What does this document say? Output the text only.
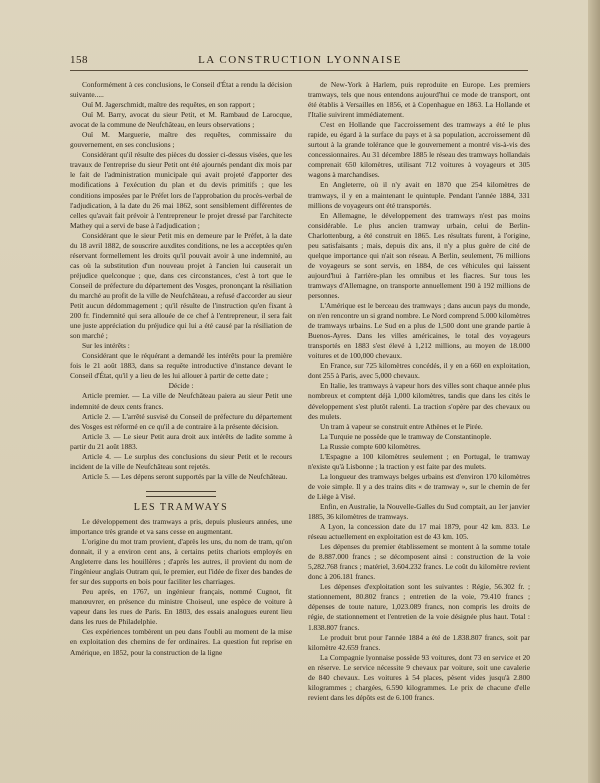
158	LA CONSTRUCTION LYONNAISE

Conformément à ces conclusions, le Conseil d'État a rendu la décision suivante.....

Ouï M. Jagerschmidt, maître des requêtes, en son rapport ;

Ouï M. Barry, avocat du sieur Petit, et M. Rambaud de Larocque, avocat de la commune de Neufchâteau, en leurs observations ;

Ouï M. Marguerie, maître des requêtes, commissaire du gouvernement, en ses conclusions ;

Considérant qu'il résulte des pièces du dossier ci-dessus visées, que les travaux de l'entreprise du sieur Petit ont été ajournés pendant dix mois par le fait de l'administration municipale qui avait projeté d'apporter des modifications à l'exécution du plan et du devis primitifs ; que les conditions imposées par le Préfet lors de l'approbation du procès-verbal de l'adjudication, à la date du 26 mai 1862, sont sensiblement différentes de celles qu'avait fait prévoir à l'entrepreneur le projet dressé par l'architecte Mathey qui a servi de base à l'adjudication ;

Considérant que le sieur Petit mis en demeure par le Préfet, à la date du 18 avril 1882, de souscrire auxdites conditions, ne les a acceptées qu'en réservant formellement les droits qu'il pouvait avoir à une indemnité, au cas où la substitution d'un nouveau projet à l'ancien lui causerait un préjudice quelconque ; que, dans ces circonstances, c'est à tort que le Conseil de préfecture du département des Vosges, prononçant la résiliation du marché au profit de la ville de Neufchâteau, a refusé d'accorder au sieur Petit aucun dédommagement ; qu'il résulte de l'instruction qu'en fixant à 200 fr. l'indemnité qui sera allouée de ce chef à l'entrepreneur, il sera fait une juste appréciation du préjudice qui lui a été causé par la résiliation de son marché ;

Sur les intérêts :

Considérant que le réquérant a demandé les intérêts pour la première fois le 21 août 1883, dans sa requête introductive d'instance devant le Conseil d'État, qu'il y a lieu de les lui allouer à partir de cette date ;

Décide :

Article premier. — La ville de Neufchâteau paiera au sieur Petit une indemnité de deux cents francs.

Article 2. — L'arrêté susvisé du Conseil de préfecture du département des Vosges est réformé en ce qu'il a de contraire à la présente décision.

Article 3. — Le sieur Petit aura droit aux intérêts de ladite somme à partir du 21 août 1883.

Article 4. — Le surplus des conclusions du sieur Petit et le recours incident de la ville de Neufchâteau sont rejetés.

Article 5. — Les dépens seront supportés par la ville de Neufchâteau.

LES TRAMWAYS

Le développement des tramways a pris, depuis plusieurs années, une importance très grande et va sans cesse en augmentant.

L'origine du mot tram provient, d'après les uns, du nom de tram, qu'on donnait, il y a environ cent ans, à certains petits chariots employés en Angleterre dans les houillères ; d'après les autres, il provient du nom de l'ingénieur anglais Outram qui, le premier, eut l'idée de fixer des bandes de fer sur des supports en bois pour faciliter les charriages.

Peu après, en 1767, un ingénieur français, nommé Cugnot, fit manœuvrer, en présence du ministre Choiseul, une espèce de voiture à vapeur dans les rues de Paris. En 1803, des essais analogues eurent lieu dans les rues de Philadelphie.

Ces expériences tombèrent un peu dans l'oubli au moment de la mise en exploitation des chemins de fer ordinaires. La question fut reprise en Amérique, en 1852, pour la construction de la ligne

de New-York à Harlem, puis reproduite en Europe. Les premiers tramways, tels que nous entendons aujourd'hui ce mode de transport, ont été établis à Versailles en 1856, et à Copenhague en 1863. La Hollande et l'Italie suivirent immédiatement.

C'est en Hollande que l'accroissement des tramways a été le plus rapide, eu égard à la surface du pays et à sa population, accroissement dû surtout à la grande tolérance que le gouvernement a montré vis-à-vis des concessionnaires. Au 31 décembre 1885 le réseau des tramways hollandais comprenait 650 kilomètres, utilisant 712 voitures à voyageurs et 305 wagons à marchandises.

En Angleterre, où il n'y avait en 1870 que 254 kilomètres de tramways, il y en a maintenant le quintuple. Pendant l'année 1884, 331 millions de voyageurs ont été transportés.

En Allemagne, le développement des tramways n'est pas moins considérable. Le plus ancien tramway urbain, celui de Berlin-Charlottenburg, a été construit en 1865. Les résultats furent, à l'origine, peu satisfaisants ; mais, depuis dix ans, il n'y a plus guère de cité de quelque importance qui n'ait son réseau. A Berlin, seulement, 76 millions de voyageurs se sont servis, en 1884, de ces véhicules qui laissent aujourd'hui à l'arrière-plan les omnibus et les fiacres. Sur tous les tramways d'Allemagne, on transporte annuellement 190 à 192 millions de personnes.

L'Amérique est le berceau des tramways ; dans aucun pays du monde, on n'en rencontre un si grand nombre. Le Nord comprend 5.000 kilomètres de tramways urbains. Le Sud en a plus de 1,500 dont une grande partie à Buenos-Ayres. Dans les villes américaines, le total des voyageurs transportés en 1883 s'est élevé à 1,212 millions, au moyen de 18.000 voitures et de 100,000 chevaux.

En France, sur 725 kilomètres concédés, il y en a 660 en exploitation, dont 255 à Paris, avec 5,000 chevaux.

En Italie, les tramways à vapeur hors des villes sont chaque année plus nombreux et comptent déjà 1,000 kilomètres, tandis que dans les cités le développement s'est plutôt ralenti. La traction s'opère par des chevaux ou des mulets.

Un tram à vapeur se construit entre Athènes et le Pirée.

La Turquie ne possède que le tramway de Constantinople.

La Russie compte 600 kilomètres.

L'Espagne a 100 kilomètres seulement ; en Portugal, le tramway n'existe qu'à Lisbonne ; la traction y est faite par des mulets.

La longueur des tramways belges urbains est d'environ 170 kilomètres de voie simple. Il y a des trains dits « de tramway », sur le chemin de fer de Liège à Visé.

Enfin, en Australie, la Nouvelle-Galles du Sud comptait, au 1er janvier 1885, 36 kilomètres de tramways.

A Lyon, la concession date du 17 mai 1879, pour 42 km. 833. Le réseau actuellement en exploitation est de 43 km. 105.

Les dépenses du premier établissement se montent à la somme totale de 8.887.000 francs ; se décomposent ainsi : construction de la voie 5,282.768 francs ; matériel, 3.604.232 francs. Le coût du kilomètre revient donc à 206.181 francs.

Les dépenses d'exploitation sont les suivantes : Régie, 56.302 fr. ; stationnement, 80.802 francs ; entretien de la voie, 79.410 francs ; dépenses de toute nature, 1,023.089 francs, non compris les droits de régie, de stationnement et l'entretien de la voie désignée plus haut. Total : 1.838.807 francs.

Le produit brut pour l'année 1884 a été de 1.838.807 francs, soit par kilomètre 42.659 francs.

La Compagnie lyonnaise possède 93 voitures, dont 73 en service et 20 en réserve. Le service nécessite 9 chevaux par voiture, soit une cavalerie de 840 chevaux. Les voitures à 54 places, pèsent vides jusqu'à 2.800 kilogrammes ; chargées, 6.590 kilogrammes. Le prix de chacune d'elle revient dans les dépôts est de 6.100 francs.
